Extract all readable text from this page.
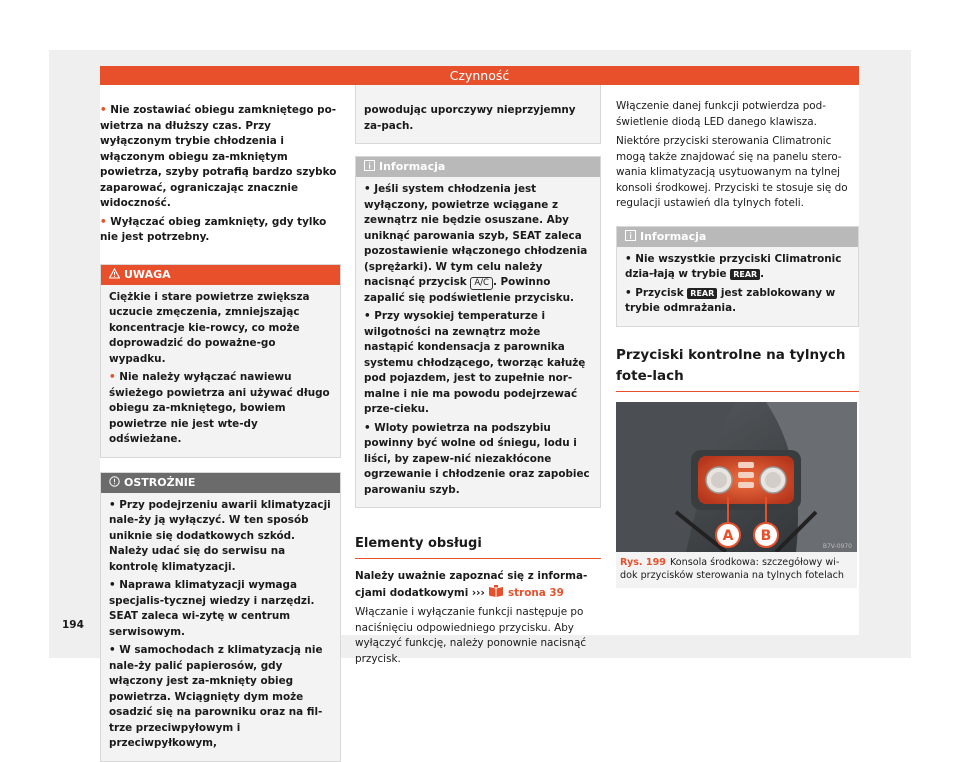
Czynność
• Nie zostawiać obiegu zamkniętego po-wietrza na dłuższy czas. Przy wyłączonym trybie chłodzenia i włączonym obiegu za-mkniętym powietrza, szyby potrafią bardzo szybko zaparować, ograniczając znacznie widoczność.
• Wyłączać obieg zamknięty, gdy tylko nie jest potrzebny.
UWAGA
Ciężkie i stare powietrze zwiększa uczucie zmęczenia, zmniejszając koncentracje kie-rowcy, co może doprowadzić do poważne-go wypadku.
• Nie należy wyłączać nawiewu świeżego powietrza ani używać długo obiegu za-mkniętego, bowiem powietrze nie jest wte-dy odświeżane.
OSTROŻNIE
• Przy podejrzeniu awarii klimatyzacji nale-ży ją wyłączyć. W ten sposób uniknie się dodatkowych szkód. Należy udać się do serwisu na kontrolę klimatyzacji.
• Naprawa klimatyzacji wymaga specjalis-tycznej wiedzy i narzędzi. SEAT zaleca wi-zytę w centrum serwisowym.
• W samochodach z klimatyzacją nie nale-ży palić papierosów, gdy włączony jest za-mknięty obieg powietrza. Wciągnięty dym może osadzić się na parowniku oraz na fil-trze przeciwpyłowym i przeciwpyłkowym,
powodując uporczywy nieprzyjemny za-pach.
Informacja
• Jeśli system chłodzenia jest wyłączony, powietrze wciągane z zewnątrz nie będzie osuszane. Aby uniknąć parowania szyb, SEAT zaleca pozostawienie włączonego chłodzenia (sprężarki). W tym celu należy nacisnąć przycisk A/C . Powinno zapalić się podświetlenie przycisku.
• Przy wysokiej temperaturze i wilgotności na zewnątrz może nastąpić kondensacja z parownika systemu chłodzącego, tworząc kałużę pod pojazdem, jest to zupełnie nor-malne i nie ma powodu podejrzewać prze-cieku.
• Wloty powietrza na podszybiu powinny być wolne od śniegu, lodu i liści, by zapew-nić niezakłócone ogrzewanie i chłodzenie oraz zapobiec parowaniu szyb.
Elementy obsługi
Należy uważnie zapoznać się z informa-cjami dodatkowymi ››› strona 39
Włączanie i wyłączanie funkcji następuje po naciśnięciu odpowiedniego przycisku. Aby wyłączyć funkcję, należy ponownie nacisnąć przycisk.
Włączenie danej funkcji potwierdza pod-świetlenie diodą LED danego klawisza.
Niektóre przyciski sterowania Climatronic mogą także znajdować się na panelu stero-wania klimatyzacją usytuowanym na tylnej konsoli środkowej. Przyciski te stosuje się do regulacji ustawień dla tylnych foteli.
Informacja
• Nie wszystkie przyciski Climatronic dzia-łają w trybie REAR .
• Przycisk REAR jest zablokowany w trybie odmrażania.
Przyciski kontrolne na tylnych fote-lach
A B
B7V-0970
Rys. 199 Konsola środkowa: szczegółowy wi-dok przycisków sterowania na tylnych fotelach
194
